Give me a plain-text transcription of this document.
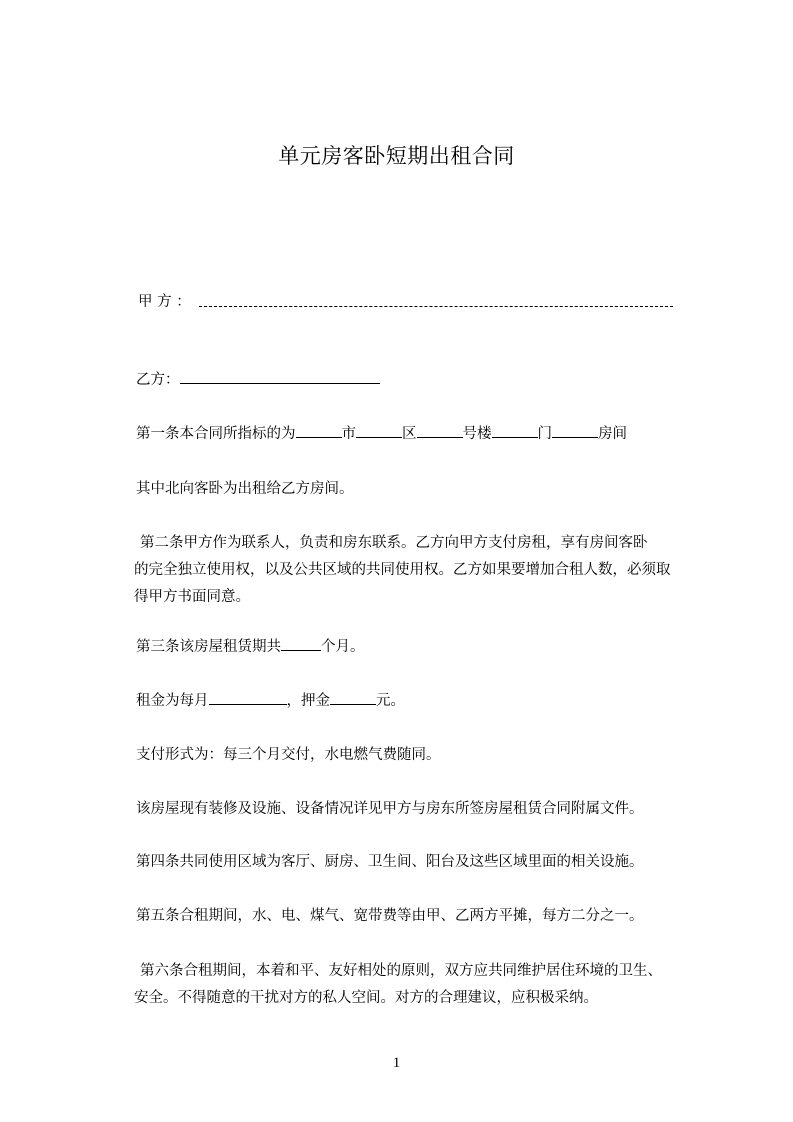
单元房客卧短期出租合同
甲 方 ：
乙方：
第一条本合同所指标的为	市	区	号楼	门	房间
其中北向客卧为出租给乙方房间。
第二条甲方作为联系人，负责和房东联系。乙方向甲方支付房租，享有房间客卧
的完全独立使用权，以及公共区域的共同使用权。乙方如果要增加合租人数，必须取
得甲方书面同意。
第三条该房屋租赁期共	个月。
租金为每月	，押金	元。
支付形式为：每三个月交付，水电燃气费随同。
该房屋现有装修及设施、设备情况详见甲方与房东所签房屋租赁合同附属文件。
第四条共同使用区域为客厅、厨房、卫生间、阳台及这些区域里面的相关设施。
第五条合租期间，水、电、煤气、宽带费等由甲、乙两方平摊，每方二分之一。
第六条合租期间，本着和平、友好相处的原则，双方应共同维护居住环境的卫生、
安全。不得随意的干扰对方的私人空间。对方的合理建议，应积极采纳。
1
